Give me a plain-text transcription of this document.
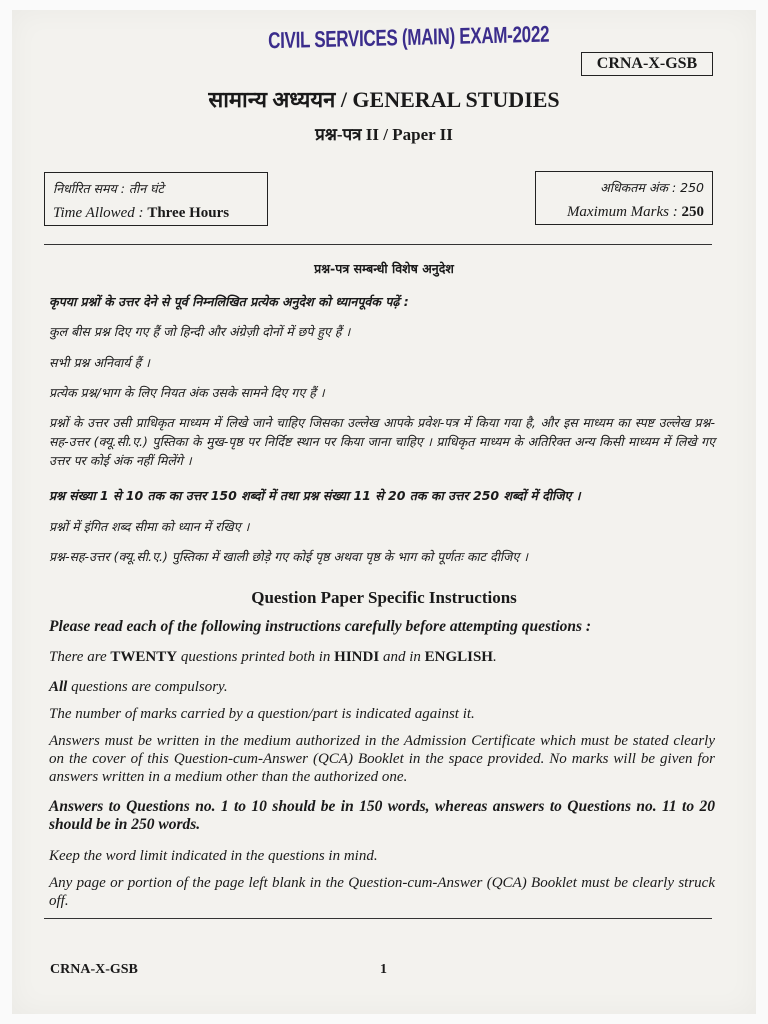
CIVIL SERVICES (MAIN) EXAM-2022
CRNA-X-GSB
सामान्य अध्ययन / GENERAL STUDIES
प्रश्न-पत्र II / Paper II
निर्धारित समय : तीन घंटे
Time Allowed : Three Hours
अधिकतम अंक : 250
Maximum Marks : 250
प्रश्न-पत्र सम्बन्धी विशेष अनुदेश
कृपया प्रश्नों के उत्तर देने से पूर्व निम्नलिखित प्रत्येक अनुदेश को ध्यानपूर्वक पढ़ें :
कुल बीस प्रश्न दिए गए हैं जो हिन्दी और अंग्रेज़ी दोनों में छपे हुए हैं ।
सभी प्रश्न अनिवार्य हैं ।
प्रत्येक प्रश्न/भाग के लिए नियत अंक उसके सामने दिए गए हैं ।
प्रश्नों के उत्तर उसी प्राधिकृत माध्यम में लिखे जाने चाहिए जिसका उल्लेख आपके प्रवेश-पत्र में किया गया है, और इस माध्यम का स्पष्ट उल्लेख प्रश्न-सह-उत्तर (क्यू.सी.ए.) पुस्तिका के मुख-पृष्ठ पर निर्दिष्ट स्थान पर किया जाना चाहिए । प्राधिकृत माध्यम के अतिरिक्त अन्य किसी माध्यम में लिखे गए उत्तर पर कोई अंक नहीं मिलेंगे ।
प्रश्न संख्या 1 से 10 तक का उत्तर 150 शब्दों में तथा प्रश्न संख्या 11 से 20 तक का उत्तर 250 शब्दों में दीजिए ।
प्रश्नों में इंगित शब्द सीमा को ध्यान में रखिए ।
प्रश्न-सह-उत्तर (क्यू.सी.ए.) पुस्तिका में खाली छोड़े गए कोई पृष्ठ अथवा पृष्ठ के भाग को पूर्णतः काट दीजिए ।
Question Paper Specific Instructions
Please read each of the following instructions carefully before attempting questions :
There are TWENTY questions printed both in HINDI and in ENGLISH.
All questions are compulsory.
The number of marks carried by a question/part is indicated against it.
Answers must be written in the medium authorized in the Admission Certificate which must be stated clearly on the cover of this Question-cum-Answer (QCA) Booklet in the space provided. No marks will be given for answers written in a medium other than the authorized one.
Answers to Questions no. 1 to 10 should be in 150 words, whereas answers to Questions no. 11 to 20 should be in 250 words.
Keep the word limit indicated in the questions in mind.
Any page or portion of the page left blank in the Question-cum-Answer (QCA) Booklet must be clearly struck off.
CRNA-X-GSB	1
